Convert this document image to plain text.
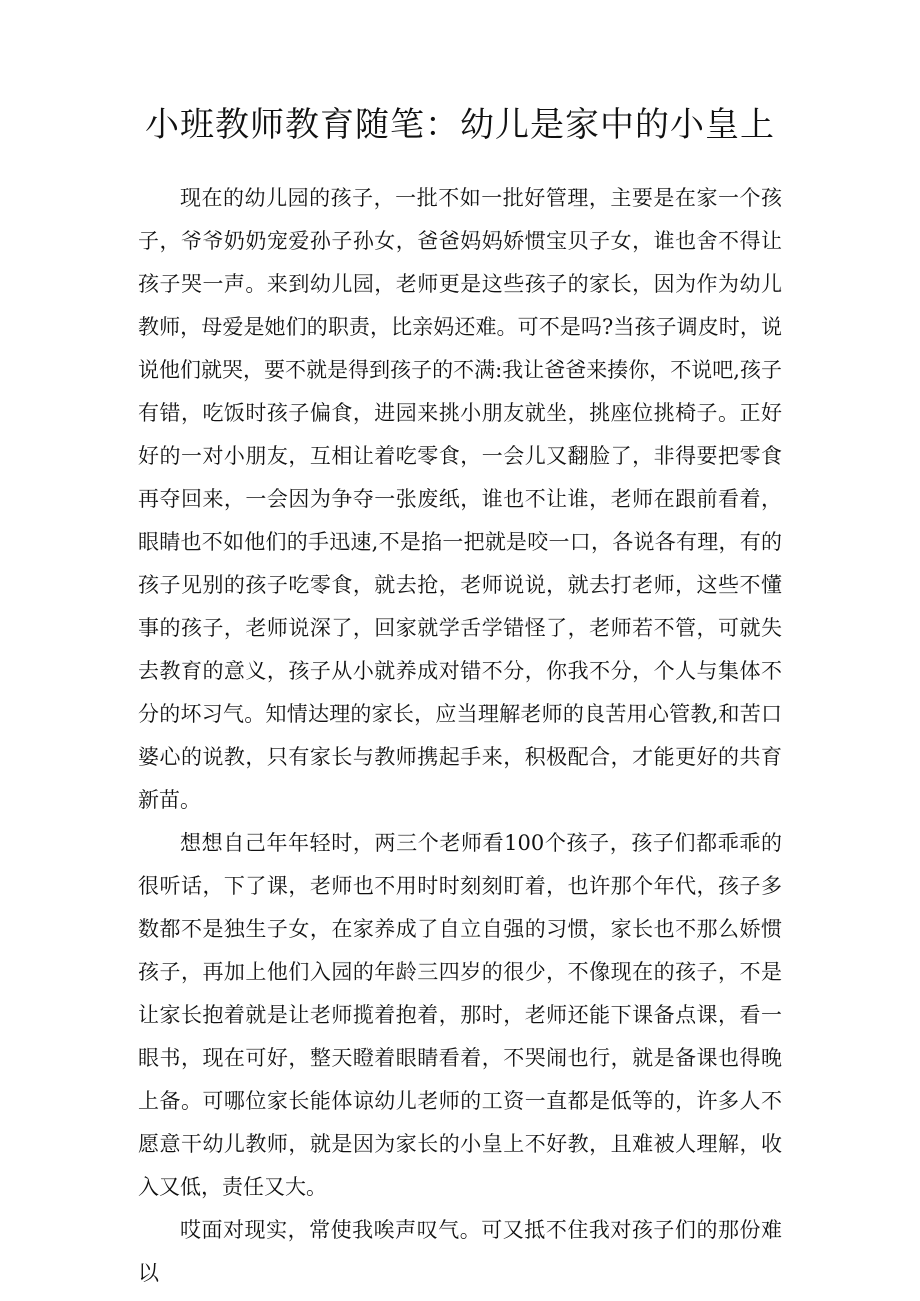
小班教师教育随笔：幼儿是家中的小皇上

现在的幼儿园的孩子，一批不如一批好管理，主要是在家一个孩子，爷爷奶奶宠爱孙子孙女，爸爸妈妈娇惯宝贝子女，谁也舍不得让孩子哭一声。来到幼儿园，老师更是这些孩子的家长，因为作为幼儿教师，母爱是她们的职责，比亲妈还难。可不是吗?当孩子调皮时，说说他们就哭，要不就是得到孩子的不满:我让爸爸来揍你，不说吧,孩子有错，吃饭时孩子偏食，进园来挑小朋友就坐，挑座位挑椅子。正好好的一对小朋友，互相让着吃零食，一会儿又翻脸了，非得要把零食再夺回来，一会因为争夺一张废纸，谁也不让谁，老师在跟前看着，眼睛也不如他们的手迅速,不是掐一把就是咬一口，各说各有理，有的孩子见别的孩子吃零食，就去抢，老师说说，就去打老师，这些不懂事的孩子，老师说深了，回家就学舌学错怪了，老师若不管，可就失去教育的意义，孩子从小就养成对错不分，你我不分，个人与集体不分的坏习气。知情达理的家长，应当理解老师的良苦用心管教,和苦口婆心的说教，只有家长与教师携起手来，积极配合，才能更好的共育新苗。

想想自己年年轻时，两三个老师看100个孩子，孩子们都乖乖的很听话，下了课，老师也不用时时刻刻盯着，也许那个年代，孩子多数都不是独生子女，在家养成了自立自强的习惯，家长也不那么娇惯孩子，再加上他们入园的年龄三四岁的很少，不像现在的孩子，不是让家长抱着就是让老师揽着抱着，那时，老师还能下课备点课，看一眼书，现在可好，整天瞪着眼睛看着，不哭闹也行，就是备课也得晚上备。可哪位家长能体谅幼儿老师的工资一直都是低等的，许多人不愿意干幼儿教师，就是因为家长的小皇上不好教，且难被人理解，收入又低，责任又大。

哎面对现实，常使我唉声叹气。可又抵不住我对孩子们的那份难以
